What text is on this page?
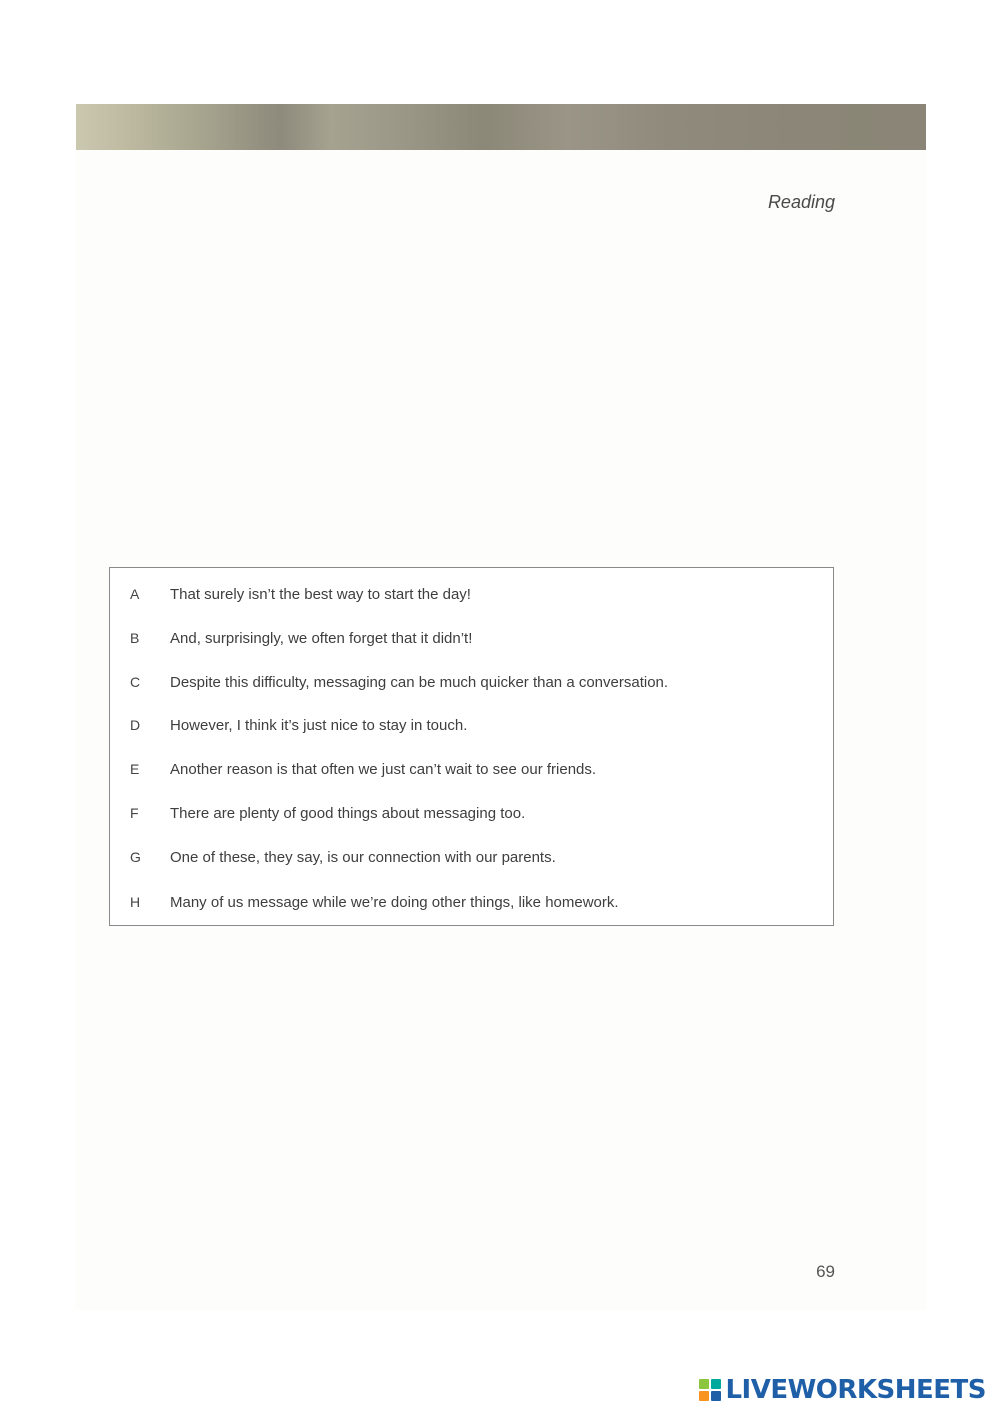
Reading
A	That surely isn’t the best way to start the day!
B	And, surprisingly, we often forget that it didn’t!
C	Despite this difficulty, messaging can be much quicker than a conversation.
D	However, I think it’s just nice to stay in touch.
E	Another reason is that often we just can’t wait to see our friends.
F	There are plenty of good things about messaging too.
G	One of these, they say, is our connection with our parents.
H	Many of us message while we’re doing other things, like homework.
69
LIVEWORKSHEETS
